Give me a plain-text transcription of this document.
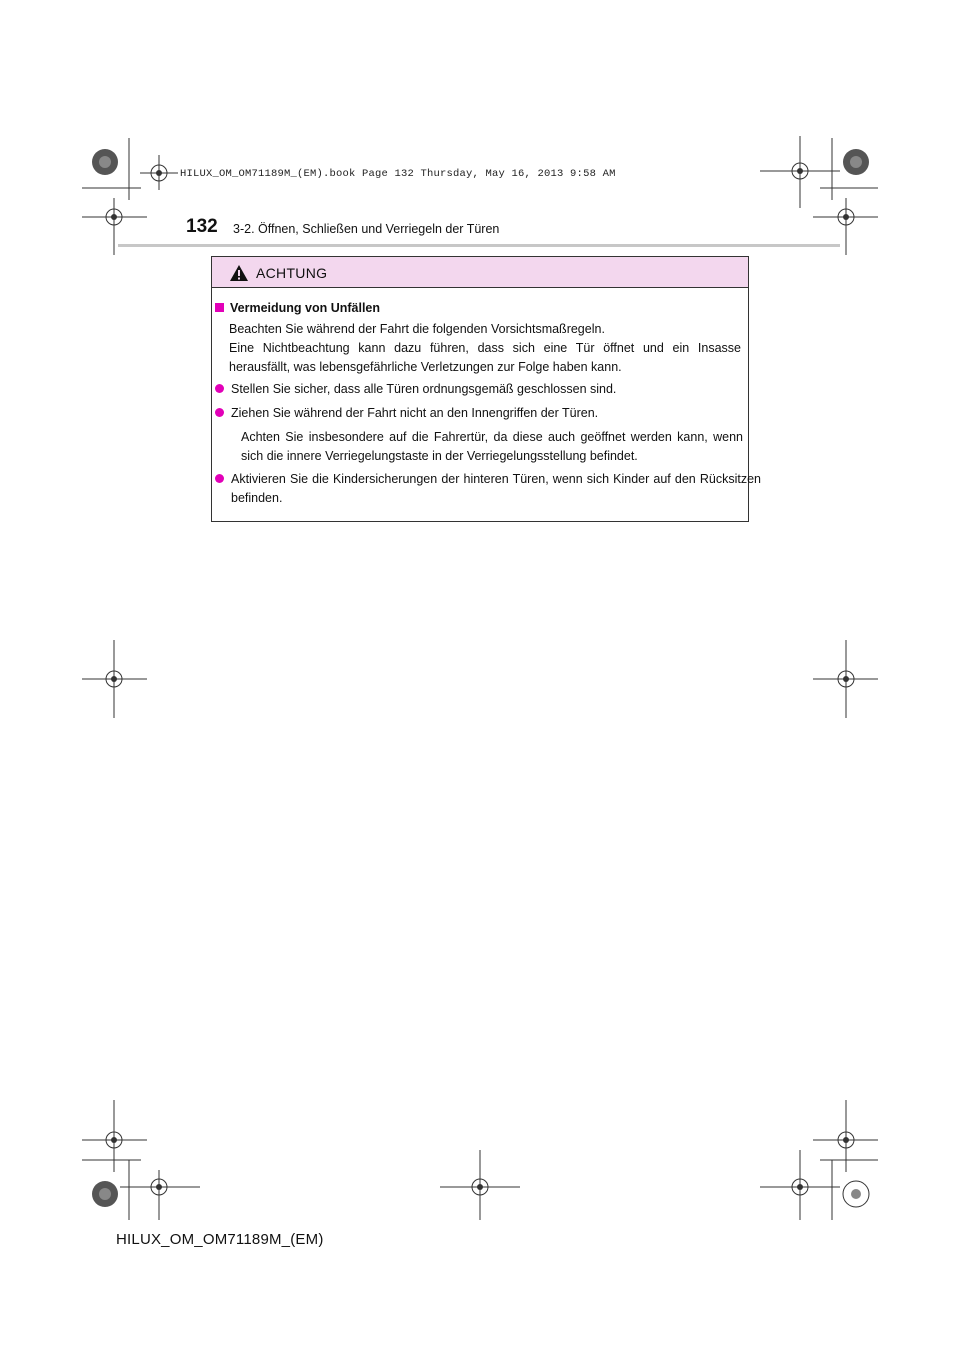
HILUX_OM_OM71189M_(EM).book Page 132 Thursday, May 16, 2013 9:58 AM
132 3-2. Öffnen, Schließen und Verriegeln der Türen
ACHTUNG
Vermeidung von Unfällen
Beachten Sie während der Fahrt die folgenden Vorsichtsmaßregeln.
Eine Nichtbeachtung kann dazu führen, dass sich eine Tür öffnet und ein Insasse herausfällt, was lebensgefährliche Verletzungen zur Folge haben kann.
Stellen Sie sicher, dass alle Türen ordnungsgemäß geschlossen sind.
Ziehen Sie während der Fahrt nicht an den Innengriffen der Türen.
Achten Sie insbesondere auf die Fahrertür, da diese auch geöffnet werden kann, wenn sich die innere Verriegelungstaste in der Verriegelungsstellung befindet.
Aktivieren Sie die Kindersicherungen der hinteren Türen, wenn sich Kinder auf den Rücksitzen befinden.
HILUX_OM_OM71189M_(EM)
